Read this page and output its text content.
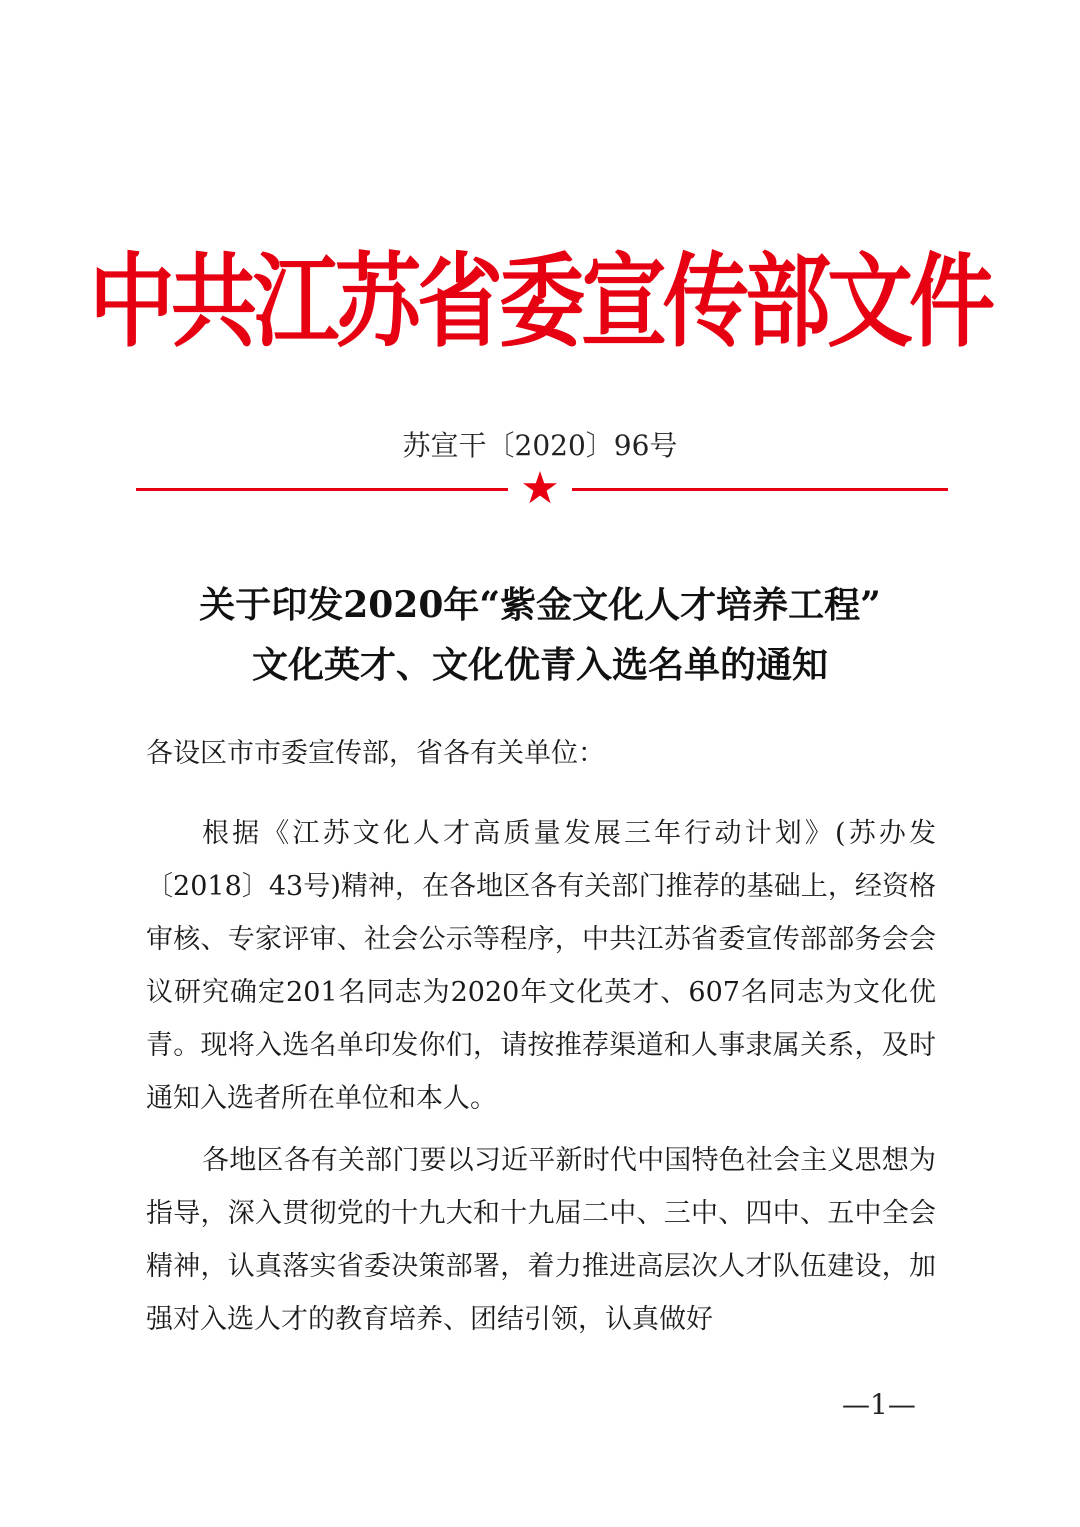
中共江苏省委宣传部文件
苏宣干〔2020〕96号
关于印发2020年“紫金文化人才培养工程”
文化英才、文化优青入选名单的通知
各设区市市委宣传部，省各有关单位：
根据《江苏文化人才高质量发展三年行动计划》(苏办发〔2018〕43号)精神，在各地区各有关部门推荐的基础上，经资格审核、专家评审、社会公示等程序，中共江苏省委宣传部部务会会议研究确定201名同志为2020年文化英才、607名同志为文化优青。现将入选名单印发你们，请按推荐渠道和人事隶属关系，及时通知入选者所在单位和本人。
各地区各有关部门要以习近平新时代中国特色社会主义思想为指导，深入贯彻党的十九大和十九届二中、三中、四中、五中全会精神，认真落实省委决策部署，着力推进高层次人才队伍建设，加强对入选人才的教育培养、团结引领，认真做好
—1—
